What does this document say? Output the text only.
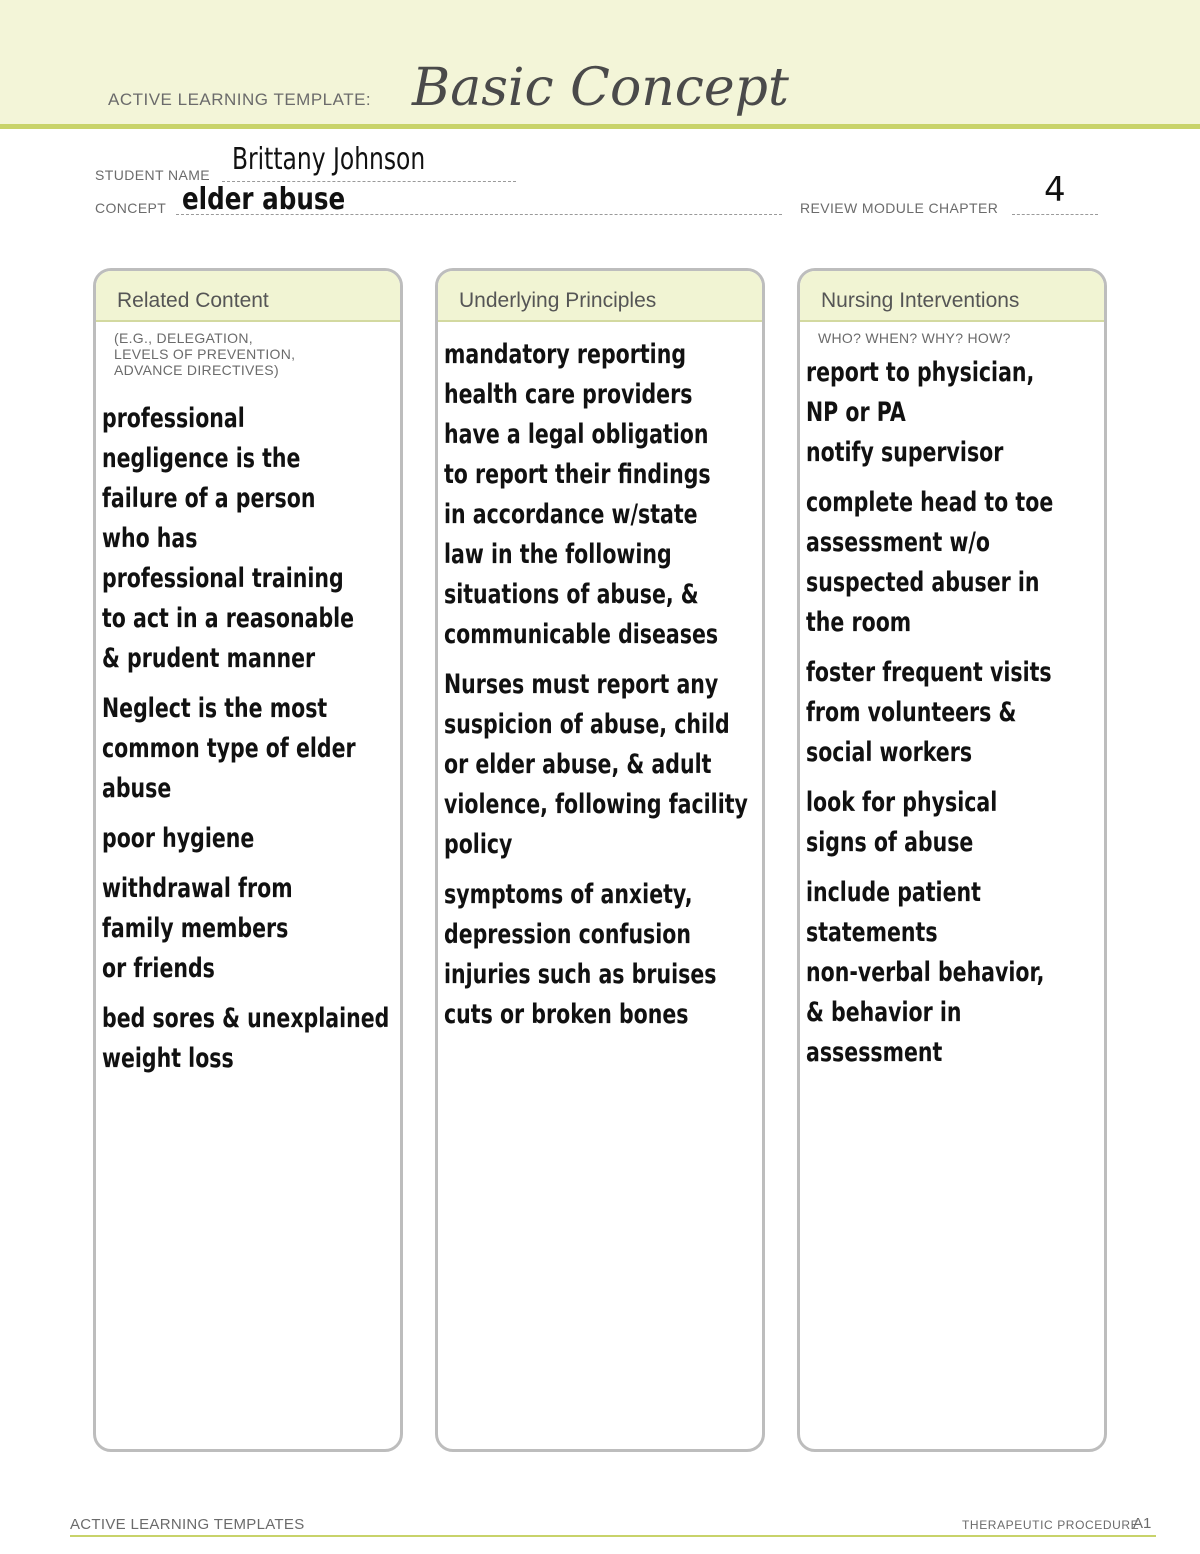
ACTIVE LEARNING TEMPLATE: Basic Concept
STUDENT NAME Brittany Johnson
CONCEPT elder abuse	REVIEW MODULE CHAPTER 4
Related Content
(E.G., DELEGATION,
LEVELS OF PREVENTION,
ADVANCE DIRECTIVES)
professional
negligence is the
failure of a person
who has
professional training
to act in a reasonable
& prudent manner
Neglect is the most
common type of elder
abuse
poor hygiene
withdrawal from
family members
or friends
bed sores & unexplained
weight loss
Underlying Principles
mandatory reporting
health care providers
have a legal obligation
to report their findings
in accordance w/state
law in the following
situations of abuse, &
communicable diseases
Nurses must report any
suspicion of abuse, child
or elder abuse, & adult
violence, following facility
policy
symptoms of anxiety,
depression confusion
injuries such as bruises
cuts or broken bones
Nursing Interventions
WHO? WHEN? WHY? HOW?
report to physician,
NP or PA
notify supervisor
complete head to toe
assessment w/o
suspected abuser in
the room
foster frequent visits
from volunteers &
social workers
look for physical
signs of abuse
include patient
statements
non-verbal behavior,
& behavior in
assessment
ACTIVE LEARNING TEMPLATES	THERAPEUTIC PROCEDURE
A1
